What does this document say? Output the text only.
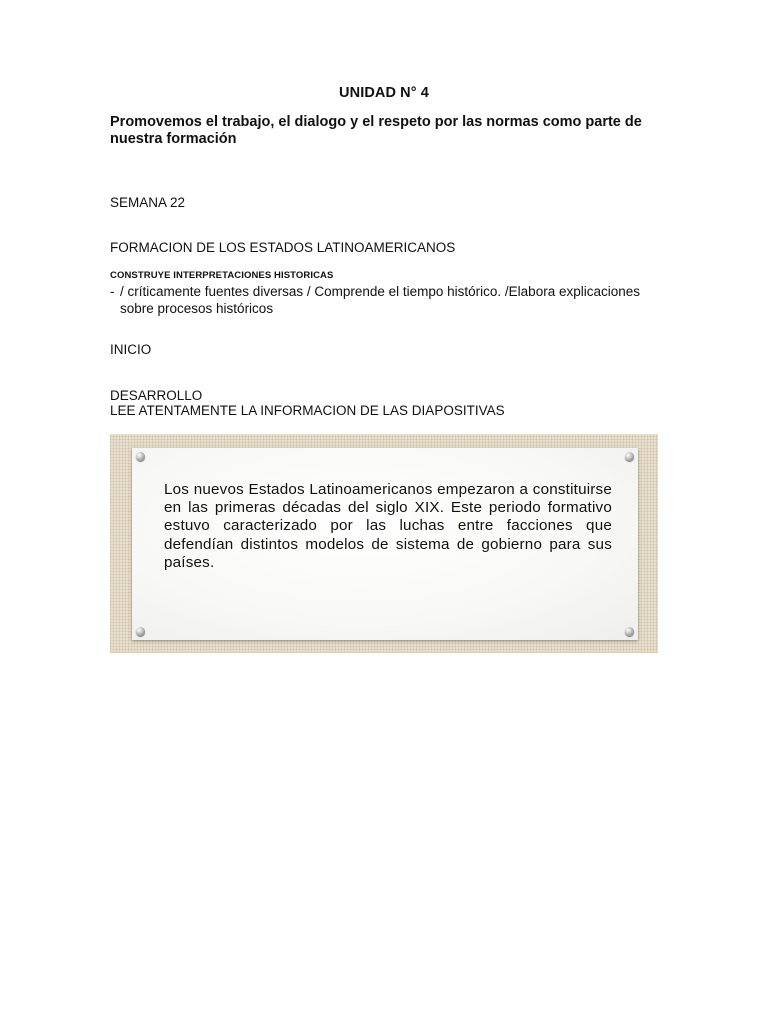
UNIDAD N° 4
Promovemos el trabajo, el dialogo y el respeto por las normas como parte de nuestra formación
SEMANA 22
FORMACION DE LOS ESTADOS LATINOAMERICANOS
CONSTRUYE INTERPRETACIONES HISTORICAS
- / críticamente fuentes diversas / Comprende el tiempo histórico. /Elabora explicaciones
sobre procesos históricos
INICIO
DESARROLLO
LEE ATENTAMENTE LA INFORMACION DE LAS DIAPOSITIVAS
Los nuevos Estados Latinoamericanos empezaron a constituirse en las primeras décadas del siglo XIX. Este periodo formativo estuvo caracterizado por las luchas entre facciones que defendían distintos modelos de sistema de gobierno para sus países.
